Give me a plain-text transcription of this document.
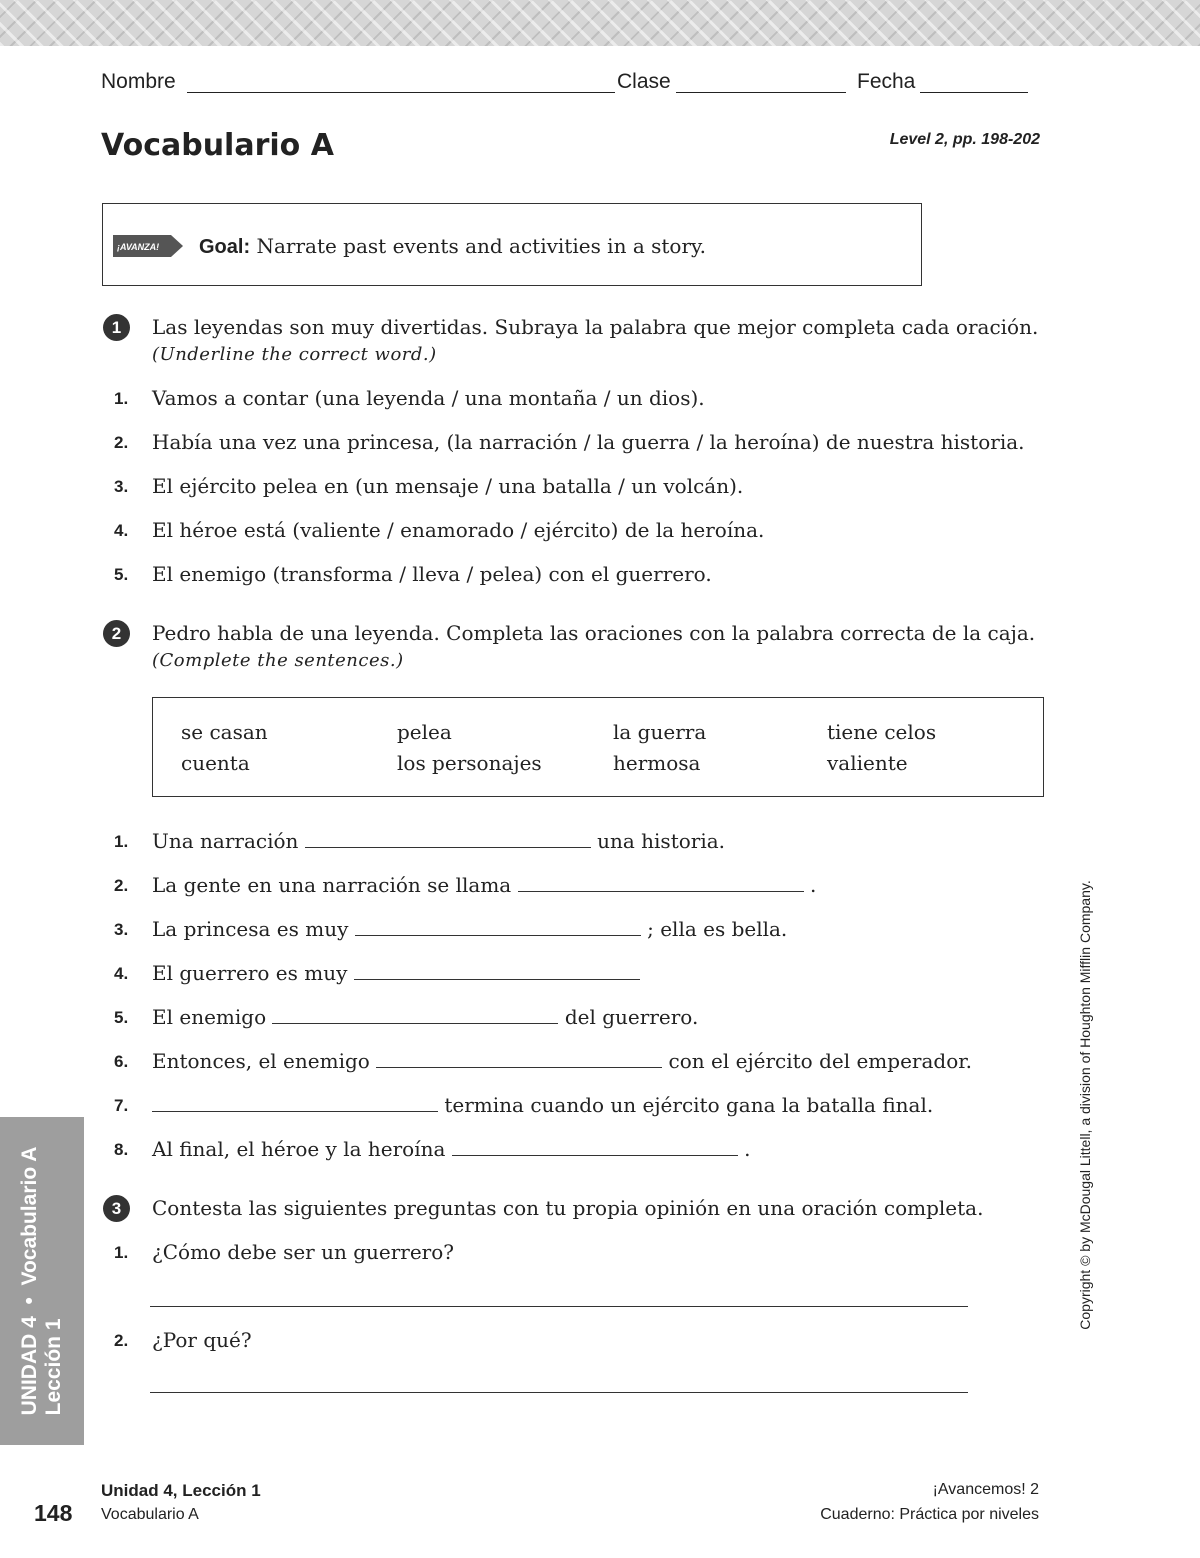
Nombre	Clase	Fecha
Vocabulario A	Level 2, pp. 198-202
¡AVANZA! Goal: Narrate past events and activities in a story.
1	Las leyendas son muy divertidas. Subraya la palabra que mejor completa cada oración.
(Underline the correct word.)
1. Vamos a contar (una leyenda / una montaña / un dios).
2. Había una vez una princesa, (la narración / la guerra / la heroína) de nuestra historia.
3. El ejército pelea en (un mensaje / una batalla / un volcán).
4. El héroe está (valiente / enamorado / ejército) de la heroína.
5. El enemigo (transforma / lleva / pelea) con el guerrero.
2	Pedro habla de una leyenda. Completa las oraciones con la palabra correcta de la caja.
(Complete the sentences.)
se casan	pelea	la guerra	tiene celos
cuenta	los personajes	hermosa	valiente
1. Una narración	una historia.
2. La gente en una narración se llama	.
3. La princesa es muy	; ella es bella.
4. El guerrero es muy
5. El enemigo	del guerrero.
6. Entonces, el enemigo	con el ejército del emperador.
7.	termina cuando un ejército gana la batalla final.
8. Al final, el héroe y la heroína	.
3	Contesta las siguientes preguntas con tu propia opinión en una oración completa.
1. ¿Cómo debe ser un guerrero?
2. ¿Por qué?
UNIDAD 4  •  Vocabulario A
Lección 1
Copyright © by McDougal Littell, a division of Houghton Mifflin Company.
148
Unidad 4, Lección 1
Vocabulario A
¡Avancemos! 2
Cuaderno: Práctica por niveles
